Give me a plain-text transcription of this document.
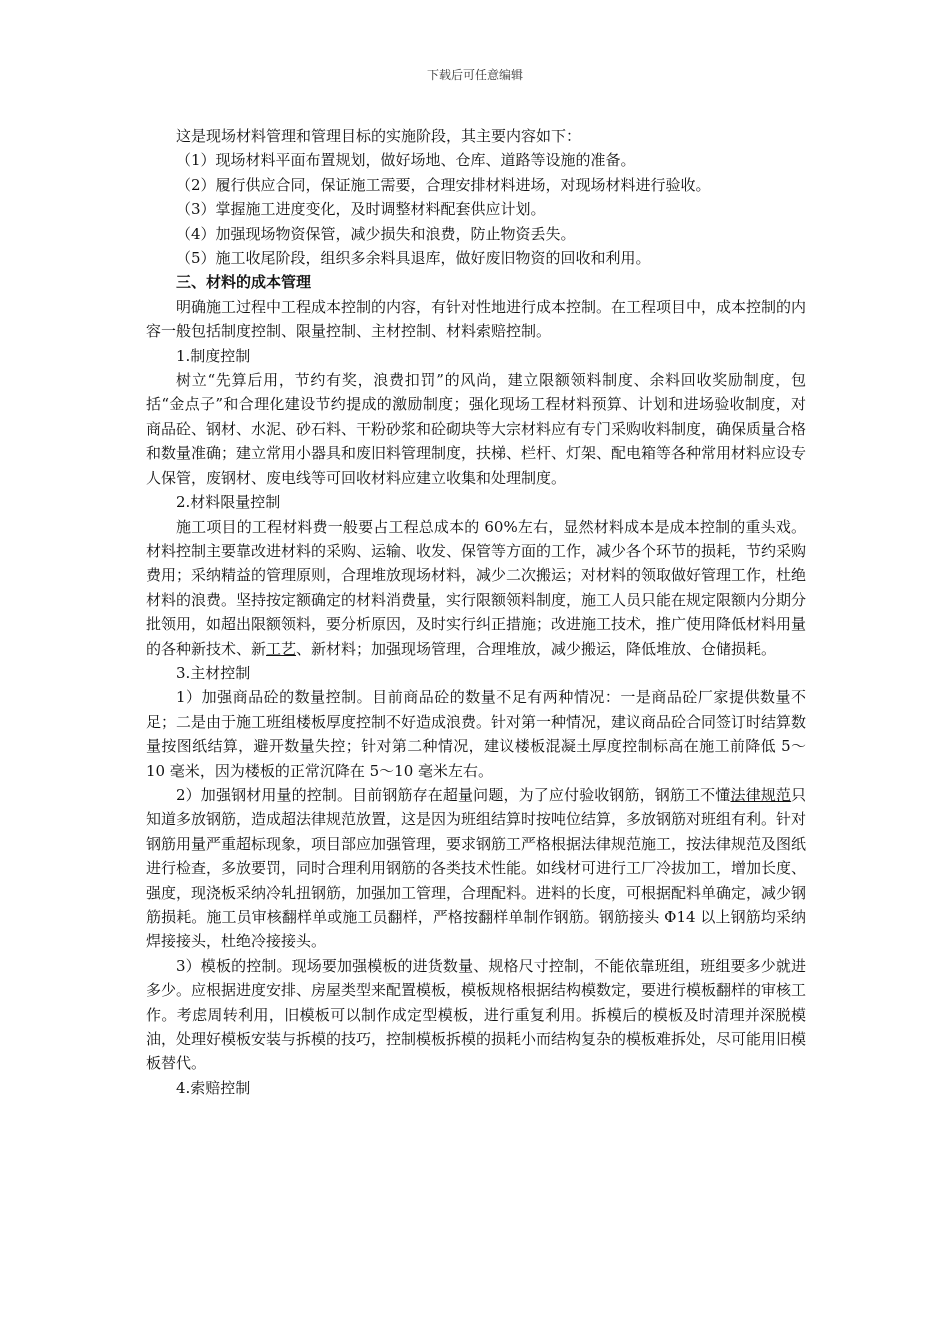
下载后可任意编辑

这是现场材料管理和管理目标的实施阶段，其主要内容如下：

（1）现场材料平面布置规划，做好场地、仓库、道路等设施的准备。

（2）履行供应合同，保证施工需要，合理安排材料进场，对现场材料进行验收。

（3）掌握施工进度变化，及时调整材料配套供应计划。

（4）加强现场物资保管，减少损失和浪费，防止物资丢失。

（5）施工收尾阶段，组织多余料具退库，做好废旧物资的回收和利用。

三、材料的成本管理

明确施工过程中工程成本控制的内容，有针对性地进行成本控制。在工程项目中，成本控制的内容一般包括制度控制、限量控制、主材控制、材料索赔控制。

1.制度控制

树立“先算后用，节约有奖，浪费扣罚”的风尚，建立限额领料制度、余料回收奖励制度，包括“金点子”和合理化建设节约提成的激励制度；强化现场工程材料预算、计划和进场验收制度，对商品砼、钢材、水泥、砂石料、干粉砂浆和砼砌块等大宗材料应有专门采购收料制度，确保质量合格和数量准确；建立常用小器具和废旧料管理制度，扶梯、栏杆、灯架、配电箱等各种常用材料应设专人保管，废钢材、废电线等可回收材料应建立收集和处理制度。

2.材料限量控制

施工项目的工程材料费一般要占工程总成本的 60%左右，显然材料成本是成本控制的重头戏。材料控制主要靠改进材料的采购、运输、收发、保管等方面的工作，减少各个环节的损耗，节约采购费用；采纳精益的管理原则，合理堆放现场材料，减少二次搬运；对材料的领取做好管理工作，杜绝材料的浪费。坚持按定额确定的材料消费量，实行限额领料制度，施工人员只能在规定限额内分期分批领用，如超出限额领料，要分析原因，及时实行纠正措施；改进施工技术，推广使用降低材料用量的各种新技术、新工艺、新材料；加强现场管理，合理堆放，减少搬运，降低堆放、仓储损耗。

3.主材控制

1）加强商品砼的数量控制。目前商品砼的数量不足有两种情况：一是商品砼厂家提供数量不足；二是由于施工班组楼板厚度控制不好造成浪费。针对第一种情况，建议商品砼合同签订时结算数量按图纸结算，避开数量失控；针对第二种情况，建议楼板混凝土厚度控制标高在施工前降低 5～10 毫米，因为楼板的正常沉降在 5～10 毫米左右。

2）加强钢材用量的控制。目前钢筋存在超量问题，为了应付验收钢筋，钢筋工不懂法律规范只知道多放钢筋，造成超法律规范放置，这是因为班组结算时按吨位结算，多放钢筋对班组有利。针对钢筋用量严重超标现象，项目部应加强管理，要求钢筋工严格根据法律规范施工，按法律规范及图纸进行检查，多放要罚，同时合理利用钢筋的各类技术性能。如线材可进行工厂冷拔加工，增加长度、强度，现浇板采纳冷轧扭钢筋，加强加工管理，合理配料。进料的长度，可根据配料单确定，减少钢筋损耗。施工员审核翻样单或施工员翻样，严格按翻样单制作钢筋。钢筋接头 Φ14 以上钢筋均采纳焊接接头，杜绝冷接接头。

3）模板的控制。现场要加强模板的进货数量、规格尺寸控制，不能依靠班组，班组要多少就进多少。应根据进度安排、房屋类型来配置模板，模板规格根据结构模数定，要进行模板翻样的审核工作。考虑周转利用，旧模板可以制作成定型模板，进行重复利用。拆模后的模板及时清理并深脱模油，处理好模板安装与拆模的技巧，控制模板拆模的损耗小而结构复杂的模板难拆处，尽可能用旧模板替代。

4.索赔控制
